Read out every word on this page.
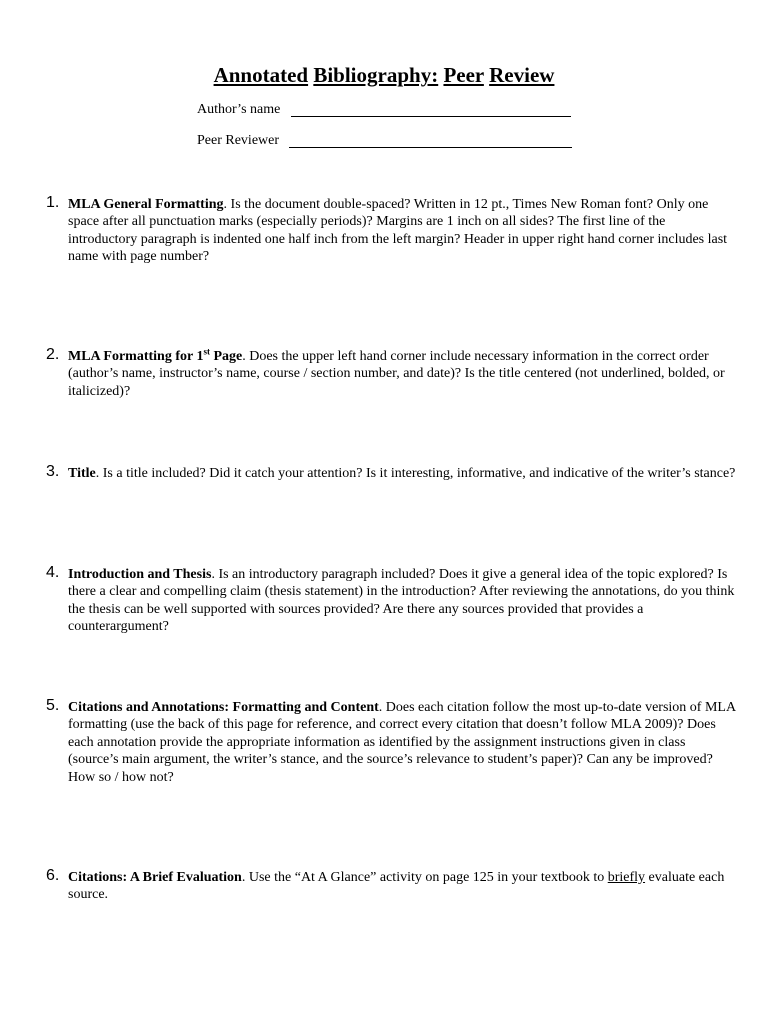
Annotated Bibliography: Peer Review
Author’s name
Peer Reviewer
1. MLA General Formatting. Is the document double-spaced? Written in 12 pt., Times New Roman font? Only one space after all punctuation marks (especially periods)? Margins are 1 inch on all sides? The first line of the introductory paragraph is indented one half inch from the left margin? Header in upper right hand corner includes last name with page number?
2. MLA Formatting for 1st Page. Does the upper left hand corner include necessary information in the correct order (author’s name, instructor’s name, course / section number, and date)? Is the title centered (not underlined, bolded, or italicized)?
3. Title. Is a title included? Did it catch your attention? Is it interesting, informative, and indicative of the writer’s stance?
4. Introduction and Thesis. Is an introductory paragraph included? Does it give a general idea of the topic explored? Is there a clear and compelling claim (thesis statement) in the introduction? After reviewing the annotations, do you think the thesis can be well supported with sources provided? Are there any sources provided that provides a counterargument?
5. Citations and Annotations: Formatting and Content. Does each citation follow the most up-to-date version of MLA formatting (use the back of this page for reference, and correct every citation that doesn’t follow MLA 2009)? Does each annotation provide the appropriate information as identified by the assignment instructions given in class (source’s main argument, the writer’s stance, and the source’s relevance to student’s paper)? Can any be improved? How so / how not?
6. Citations: A Brief Evaluation. Use the “At A Glance” activity on page 125 in your textbook to briefly evaluate each source.
